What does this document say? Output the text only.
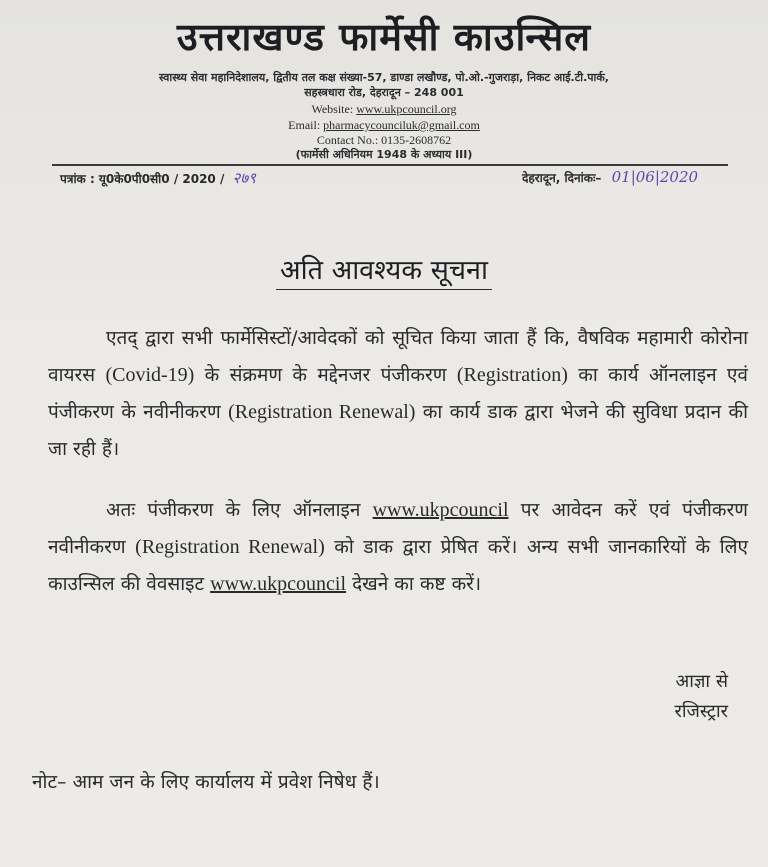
उत्तराखण्ड फार्मेसी काउन्सिल
स्वास्थ्य सेवा महानिदेशालय, द्वितीय तल कक्ष संख्या-57, डाण्डा लखौण्ड, पो.ओ.-गुजराड़ा, निकट आई.टी.पार्क,
सहस्त्रधारा रोड, देहरादून – 248 001
Website: www.ukpcouncil.org
Email: pharmacycounciluk@gmail.com
Contact No.: 0135-2608762
(फार्मेसी अधिनियम 1948 के अध्याय III)
पत्रांक : यू0के0पी0सी0 / 2020 / २७९	देहरादून, दिनांकः– 01|06|2020
अति आवश्यक सूचना
एतद् द्वारा सभी फार्मेसिस्टों/आवेदकों को सूचित किया जाता हैं कि, वैषविक महामारी कोरोना वायरस (Covid-19) के संक्रमण के मद्देनजर पंजीकरण (Registration) का कार्य ऑनलाइन एवं पंजीकरण के नवीनीकरण (Registration Renewal) का कार्य डाक द्वारा भेजने की सुविधा प्रदान की जा रही हैं।
अतः पंजीकरण के लिए ऑनलाइन www.ukpcouncil पर आवेदन करें एवं पंजीकरण नवीनीकरण (Registration Renewal) को डाक द्वारा प्रेषित करें। अन्य सभी जानकारियों के लिए काउन्सिल की वेवसाइट www.ukpcouncil देखने का कष्ट करें।
आज्ञा से
रजिस्ट्रार
नोट– आम जन के लिए कार्यालय में प्रवेश निषेध हैं।
